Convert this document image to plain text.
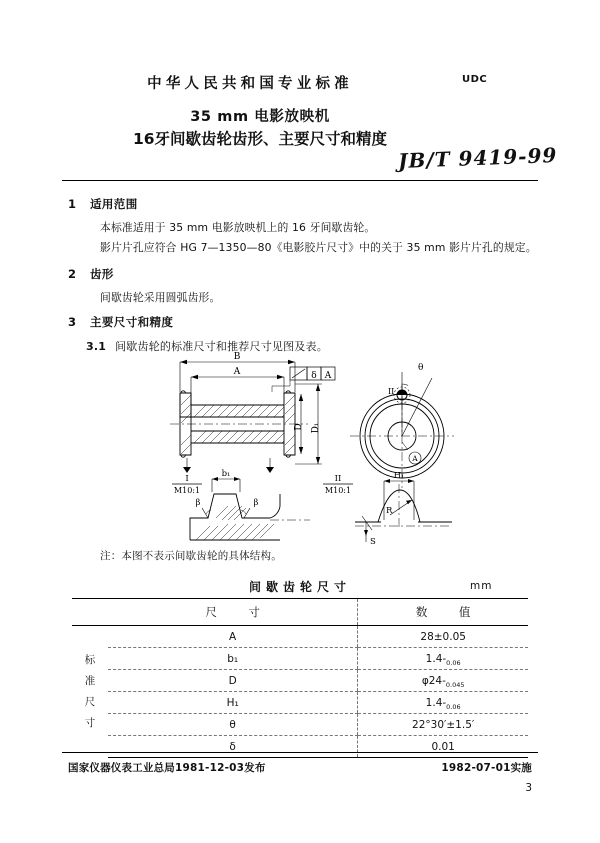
中华人民共和国专业标准	UDC
35 mm 电影放映机
16牙间歇齿轮齿形、主要尺寸和精度
JB/T 9419-99
1 适用范围
本标准适用于 35 mm 电影放映机上的 16 牙间歇齿轮。
影片片孔应符合 HG 7—1350—80《电影胶片尺寸》中的关于 35 mm 影片片孔的规定。
2 齿形
间歇齿轮采用圆弧齿形。
3 主要尺寸和精度
3.1 间歇齿轮的标准尺寸和推荐尺寸见图及表。
B
A
D D₁
δ A
θ
A
II
I
M10:1
b₁
β	β
II
M10:1
H₁
R
S
注：本图不表示间歇齿轮的具体结构。
间歇齿轮尺寸	mm
	尺　寸	数　值

标
准
尺
寸	A	28±0.05
	b₁	$1.4-_{0.06}$
	D	$\varphi 24-_{0.045}$
	H₁	$1.4-_{0.06}$
	θ	22°30′±1.5′
	δ	0.01
国家仪器仪表工业总局1981-12-03发布	1982-07-01实施
3
